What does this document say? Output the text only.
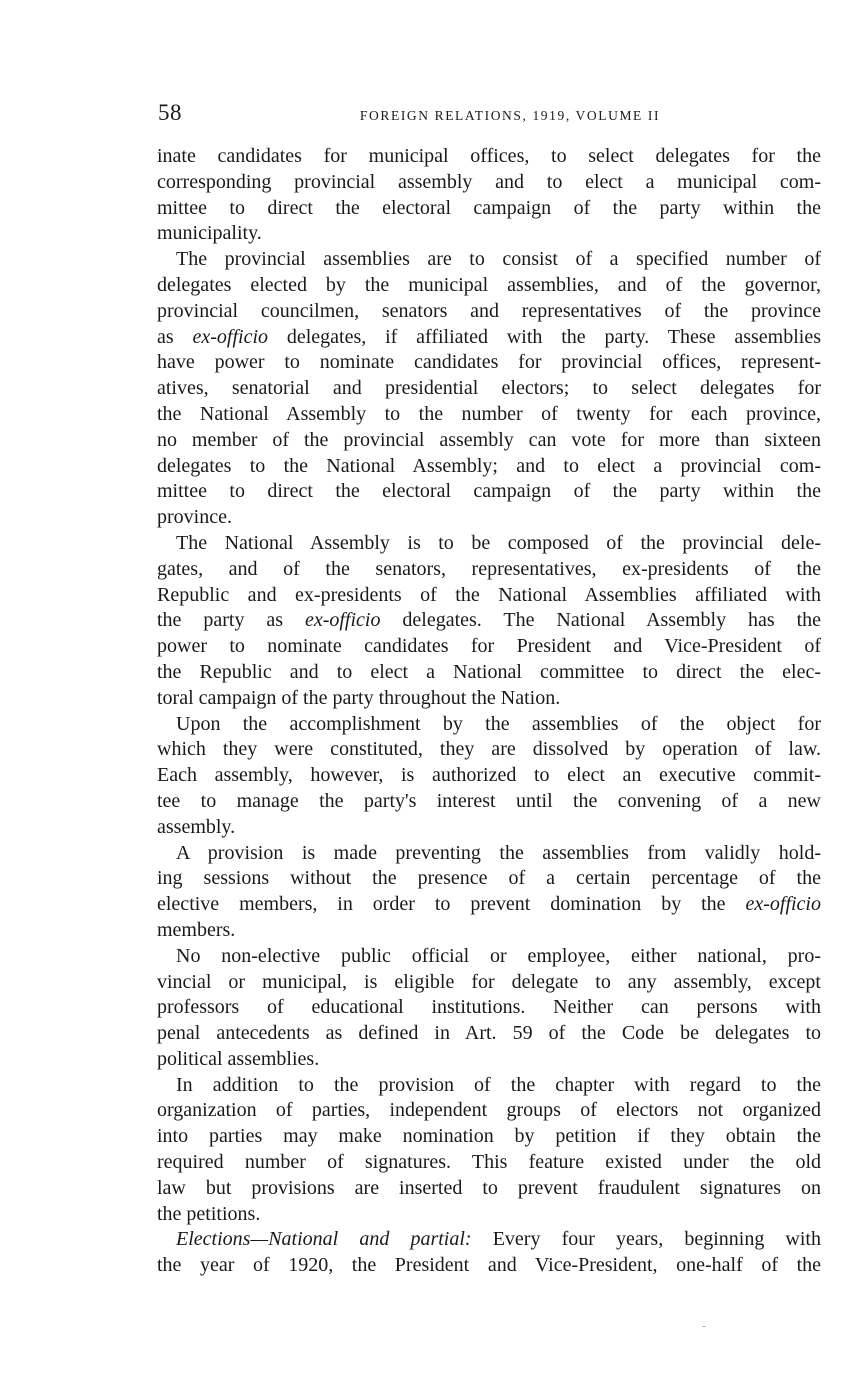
58	FOREIGN RELATIONS, 1919, VOLUME II
inate candidates for municipal offices, to select delegates for the
corresponding provincial assembly and to elect a municipal com-
mittee to direct the electoral campaign of the party within the
municipality.
The provincial assemblies are to consist of a specified number of
delegates elected by the municipal assemblies, and of the governor,
provincial councilmen, senators and representatives of the province
as ex-officio delegates, if affiliated with the party. These assemblies
have power to nominate candidates for provincial offices, represent-
atives, senatorial and presidential electors; to select delegates for
the National Assembly to the number of twenty for each province,
no member of the provincial assembly can vote for more than sixteen
delegates to the National Assembly; and to elect a provincial com-
mittee to direct the electoral campaign of the party within the
province.
The National Assembly is to be composed of the provincial dele-
gates, and of the senators, representatives, ex-presidents of the
Republic and ex-presidents of the National Assemblies affiliated with
the party as ex-officio delegates. The National Assembly has the
power to nominate candidates for President and Vice-President of
the Republic and to elect a National committee to direct the elec-
toral campaign of the party throughout the Nation.
Upon the accomplishment by the assemblies of the object for
which they were constituted, they are dissolved by operation of law.
Each assembly, however, is authorized to elect an executive commit-
tee to manage the party's interest until the convening of a new
assembly.
A provision is made preventing the assemblies from validly hold-
ing sessions without the presence of a certain percentage of the
elective members, in order to prevent domination by the ex-officio
members.
No non-elective public official or employee, either national, pro-
vincial or municipal, is eligible for delegate to any assembly, except
professors of educational institutions. Neither can persons with
penal antecedents as defined in Art. 59 of the Code be delegates to
political assemblies.
In addition to the provision of the chapter with regard to the
organization of parties, independent groups of electors not organized
into parties may make nomination by petition if they obtain the
required number of signatures. This feature existed under the old
law but provisions are inserted to prevent fraudulent signatures on
the petitions.
Elections—National and partial: Every four years, beginning with
the year of 1920, the President and Vice-President, one-half of the
